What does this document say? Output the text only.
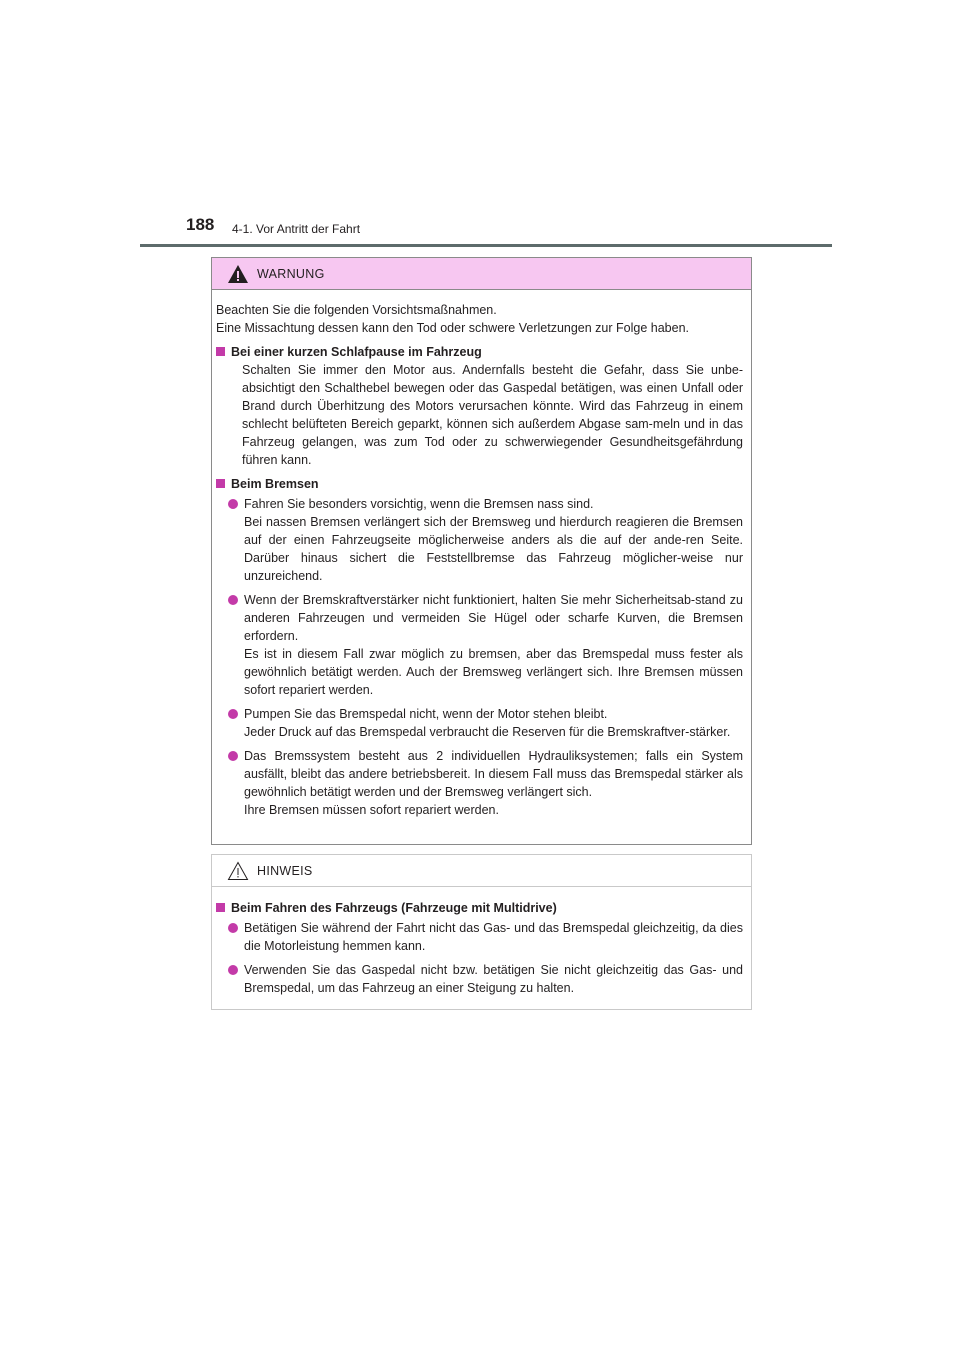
188 4-1. Vor Antritt der Fahrt
WARNUNG

Beachten Sie die folgenden Vorsichtsmaßnahmen.

Eine Missachtung dessen kann den Tod oder schwere Verletzungen zur Folge haben.

Bei einer kurzen Schlafpause im Fahrzeug

Schalten Sie immer den Motor aus. Andernfalls besteht die Gefahr, dass Sie unbe-absichtigt den Schalthebel bewegen oder das Gaspedal betätigen, was einen Unfall oder Brand durch Überhitzung des Motors verursachen könnte. Wird das Fahrzeug in einem schlecht belüfteten Bereich geparkt, können sich außerdem Abgase sam-meln und in das Fahrzeug gelangen, was zum Tod oder zu schwerwiegender Gesundheitsgefährdung führen kann.

Beim Bremsen

Fahren Sie besonders vorsichtig, wenn die Bremsen nass sind.

Bei nassen Bremsen verlängert sich der Bremsweg und hierdurch reagieren die Bremsen auf der einen Fahrzeugseite möglicherweise anders als die auf der ande-ren Seite. Darüber hinaus sichert die Feststellbremse das Fahrzeug möglicher-weise nur unzureichend.

Wenn der Bremskraftverstärker nicht funktioniert, halten Sie mehr Sicherheitsab-stand zu anderen Fahrzeugen und vermeiden Sie Hügel oder scharfe Kurven, die Bremsen erfordern.

Es ist in diesem Fall zwar möglich zu bremsen, aber das Bremspedal muss fester als gewöhnlich betätigt werden. Auch der Bremsweg verlängert sich. Ihre Bremsen müssen sofort repariert werden.

Pumpen Sie das Bremspedal nicht, wenn der Motor stehen bleibt.

Jeder Druck auf das Bremspedal verbraucht die Reserven für die Bremskraftver-stärker.

Das Bremssystem besteht aus 2 individuellen Hydrauliksystemen; falls ein System ausfällt, bleibt das andere betriebsbereit. In diesem Fall muss das Bremspedal stärker als gewöhnlich betätigt werden und der Bremsweg verlängert sich.

Ihre Bremsen müssen sofort repariert werden.

HINWEIS
Beim Fahren des Fahrzeugs (Fahrzeuge mit Multidrive)

Betätigen Sie während der Fahrt nicht das Gas- und das Bremspedal gleichzeitig, da dies die Motorleistung hemmen kann.

Verwenden Sie das Gaspedal nicht bzw. betätigen Sie nicht gleichzeitig das Gas- und Bremspedal, um das Fahrzeug an einer Steigung zu halten.
